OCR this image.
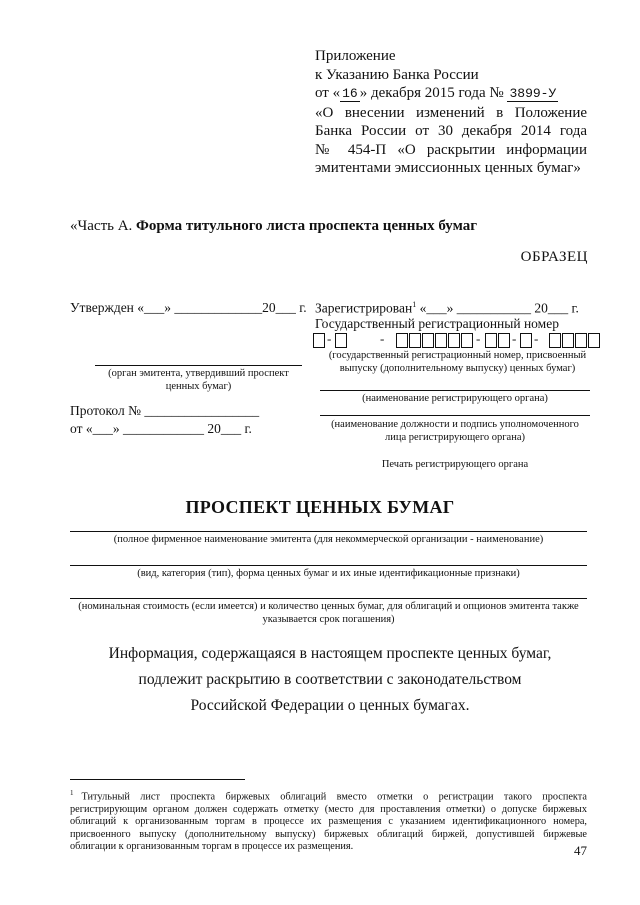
Приложение
к Указанию Банка России
от « 16 » декабря 2015 года № 3899-У
«О внесении изменений в Положение
Банка России от 30 декабря 2014 года
№ 454-П «О раскрытии информации
эмитентами эмиссионных ценных бумаг»
«Часть А. Форма титульного листа проспекта ценных бумаг
ОБРАЗЕЦ
Утвержден «___» _____________20___ г.
(орган эмитента, утвердивший проспект ценных бумаг)
Протокол № _________________
от «___» ____________ 20___ г.
Зарегистрирован$^1$ «___» ___________ 20___ г.
Государственный регистрационный номер
-	-	- - -
(государственный регистрационный номер, присвоенный выпуску (дополнительному выпуску) ценных бумаг)
(наименование регистрирующего органа)
(наименование должности и подпись уполномоченного лица регистрирующего органа)
Печать регистрирующего органа
ПРОСПЕКТ ЦЕННЫХ БУМАГ
(полное фирменное наименование эмитента (для некоммерческой организации - наименование)
(вид, категория (тип), форма ценных бумаг и их иные идентификационные признаки)
(номинальная стоимость (если имеется) и количество ценных бумаг, для облигаций и опционов эмитента также указывается срок погашения)
Информация, содержащаяся в настоящем проспекте ценных бумаг,
подлежит раскрытию в соответствии с законодательством
Российской Федерации о ценных бумагах.
$^1$ Титульный лист проспекта биржевых облигаций вместо отметки о регистрации такого проспекта регистрирующим органом должен содержать отметку (место для проставления отметки) о допуске биржевых облигаций к организованным торгам в процессе их размещения с указанием идентификационного номера, присвоенного выпуску (дополнительному выпуску) биржевых облигаций биржей, допустившей биржевые облигации к организованным торгам в процессе их размещения.	47
